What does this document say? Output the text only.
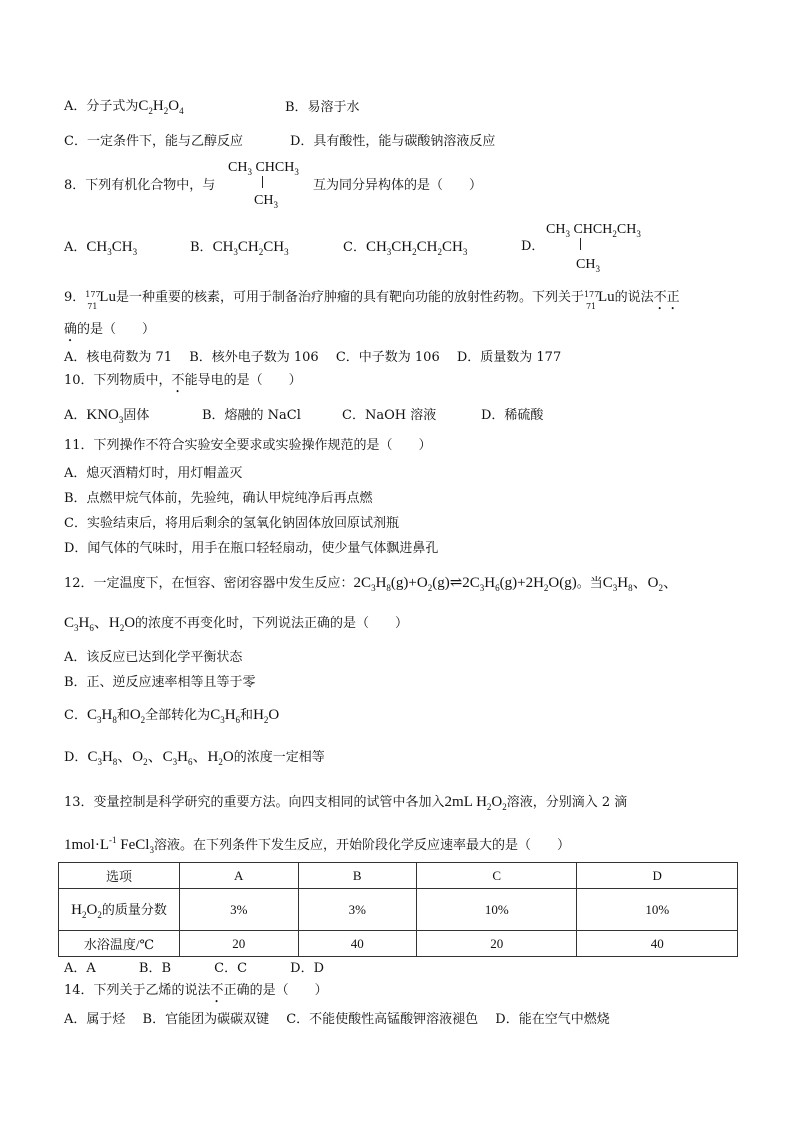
A．分子式为$C_2H_2O_4$	B．易溶于水
C．一定条件下，能与乙醇反应	D．具有酸性，能与碳酸钠溶液反应
8．下列有机化合物中，与
$CH_3$ $CHCH_3$
$CH_3$
互为同分异构体的是（　　）
A．$CH_3CH_3$	B．$CH_3CH_2CH_3$	C．$CH_3CH_2CH_2CH_3$	D．
$CH_3$ $CHCH_2CH_3$
$CH_3$
9． 177
71
Lu是一种重要的核素，可用于制备治疗肿瘤的具有靶向功能的放射性药物。下列关于 177
71
Lu的说法不正
确的是（　　）
A．核电荷数为 71　 B．核外电子数为 106　 C．中子数为 106　 D．质量数为 177
10．下列物质中，不能导电的是（　　）
A．$KNO_3$固体	B．熔融的 NaCl	C．NaOH 溶液	D．稀硫酸
11．下列操作不符合实验安全要求或实验操作规范的是（　　）
A．熄灭酒精灯时，用灯帽盖灭
B．点燃甲烷气体前，先验纯，确认甲烷纯净后再点燃
C．实验结束后，将用后剩余的氢氧化钠固体放回原试剂瓶
D．闻气体的气味时，用手在瓶口轻轻扇动，使少量气体飘进鼻孔
12．一定温度下，在恒容、密闭容器中发生反应：$2C_3H_8(g)+O_2(g)\rightleftharpoons 2C_3H_6(g)+2H_2O(g)$。当$C_3H_8$、$O_2$、
$C_3H_6$、$H_2O$的浓度不再变化时，下列说法正确的是（　　）
A．该反应已达到化学平衡状态
B．正、逆反应速率相等且等于零
C．$C_3H_8$和$O_2$全部转化为$C_3H_6$和$H_2O$
D．$C_3H_8$、$O_2$、$C_3H_6$、$H_2O$的浓度一定相等
13．变量控制是科学研究的重要方法。向四支相同的试管中各加入2mL $H_2O_2$溶液，分别滴入 2 滴
$1mol\cdot L^{-1}$ FeCl$_3$溶液。在下列条件下发生反应，开始阶段化学反应速率最大的是（　　）
选项	A	B	C	D
$H_2O_2$的质量分数	3%	3%	10%	10%
水浴温度/℃	20	40	20	40
A．A　　　 B．B　　　 C．C　　　 D．D
14．下列关于乙烯的说法不正确的是（　　）
A．属于烃　 B．官能团为碳碳双键　 C．不能使酸性高锰酸钾溶液褪色　 D．能在空气中燃烧
